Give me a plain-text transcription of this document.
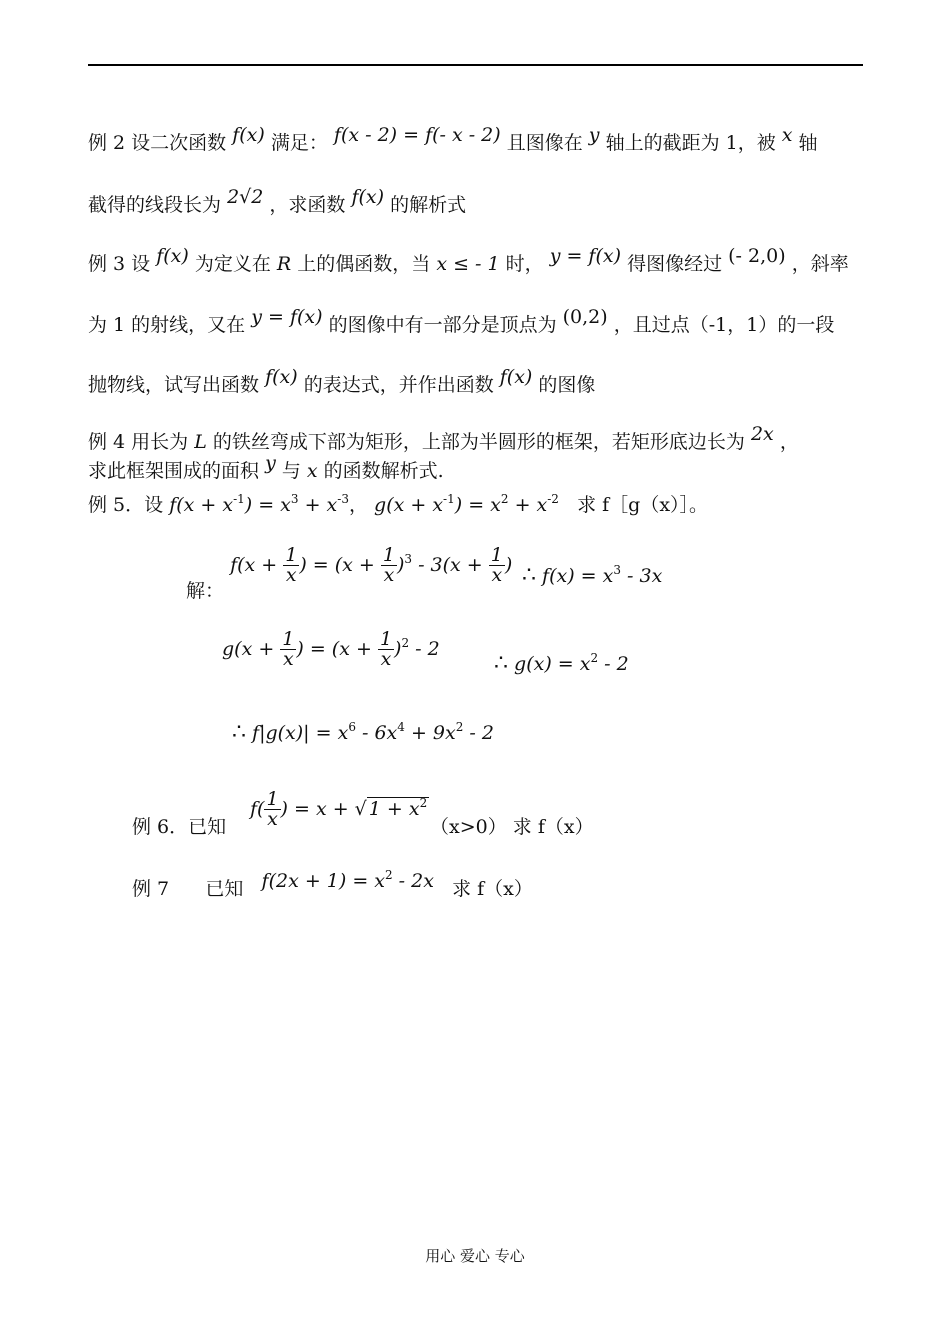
例 2 设二次函数 f(x) 满足： f(x - 2) = f(- x - 2) 且图像在 y 轴上的截距为 1，被 x 轴
截得的线段长为 2√2 ，求函数 f(x) 的解析式
例 3 设 f(x) 为定义在 R 上的偶函数，当 x ≤ - 1 时， y = f(x) 得图像经过 (- 2,0) ，斜率
为 1 的射线，又在 y = f(x) 的图像中有一部分是顶点为 (0,2) ，且过点（-1，1）的一段
抛物线，试写出函数 f(x) 的表达式，并作出函数 f(x) 的图像
例 4 用长为 L 的铁丝弯成下部为矩形，上部为半圆形的框架，若矩形底边长为 2x ，
求此框架围成的面积 y 与 x 的函数解析式.
例 5．设 $f(x + x^{-1}) = x^3 + x^{-3}$， $g(x + x^{-1}) = x^2 + x^{-2}$ 求 f［g（x）］。
解： $f(x + \frac{1}{x}$ ) = $(x + \frac{1}{x} )^3 - 3(x + \frac{1}{x}$ ) ∴ $f(x) = x^3 - 3x$
$g(x + \frac{1}{x}$ ) = $(x + \frac{1}{x} )^2 - 2$
∴ $g(x) = x^2 - 2$
∴ $f|g(x)| = x^6 - 6x^4 + 9x^2 - 2$
$f( \frac{1}{x}$ ) = x + √ $1 + x^2$
例 6．已知	（x>0） 求 f（x）
例 7 已知 $f(2x + 1) = x^2 - 2x$ 求 f（x）
用心 爱心 专心
